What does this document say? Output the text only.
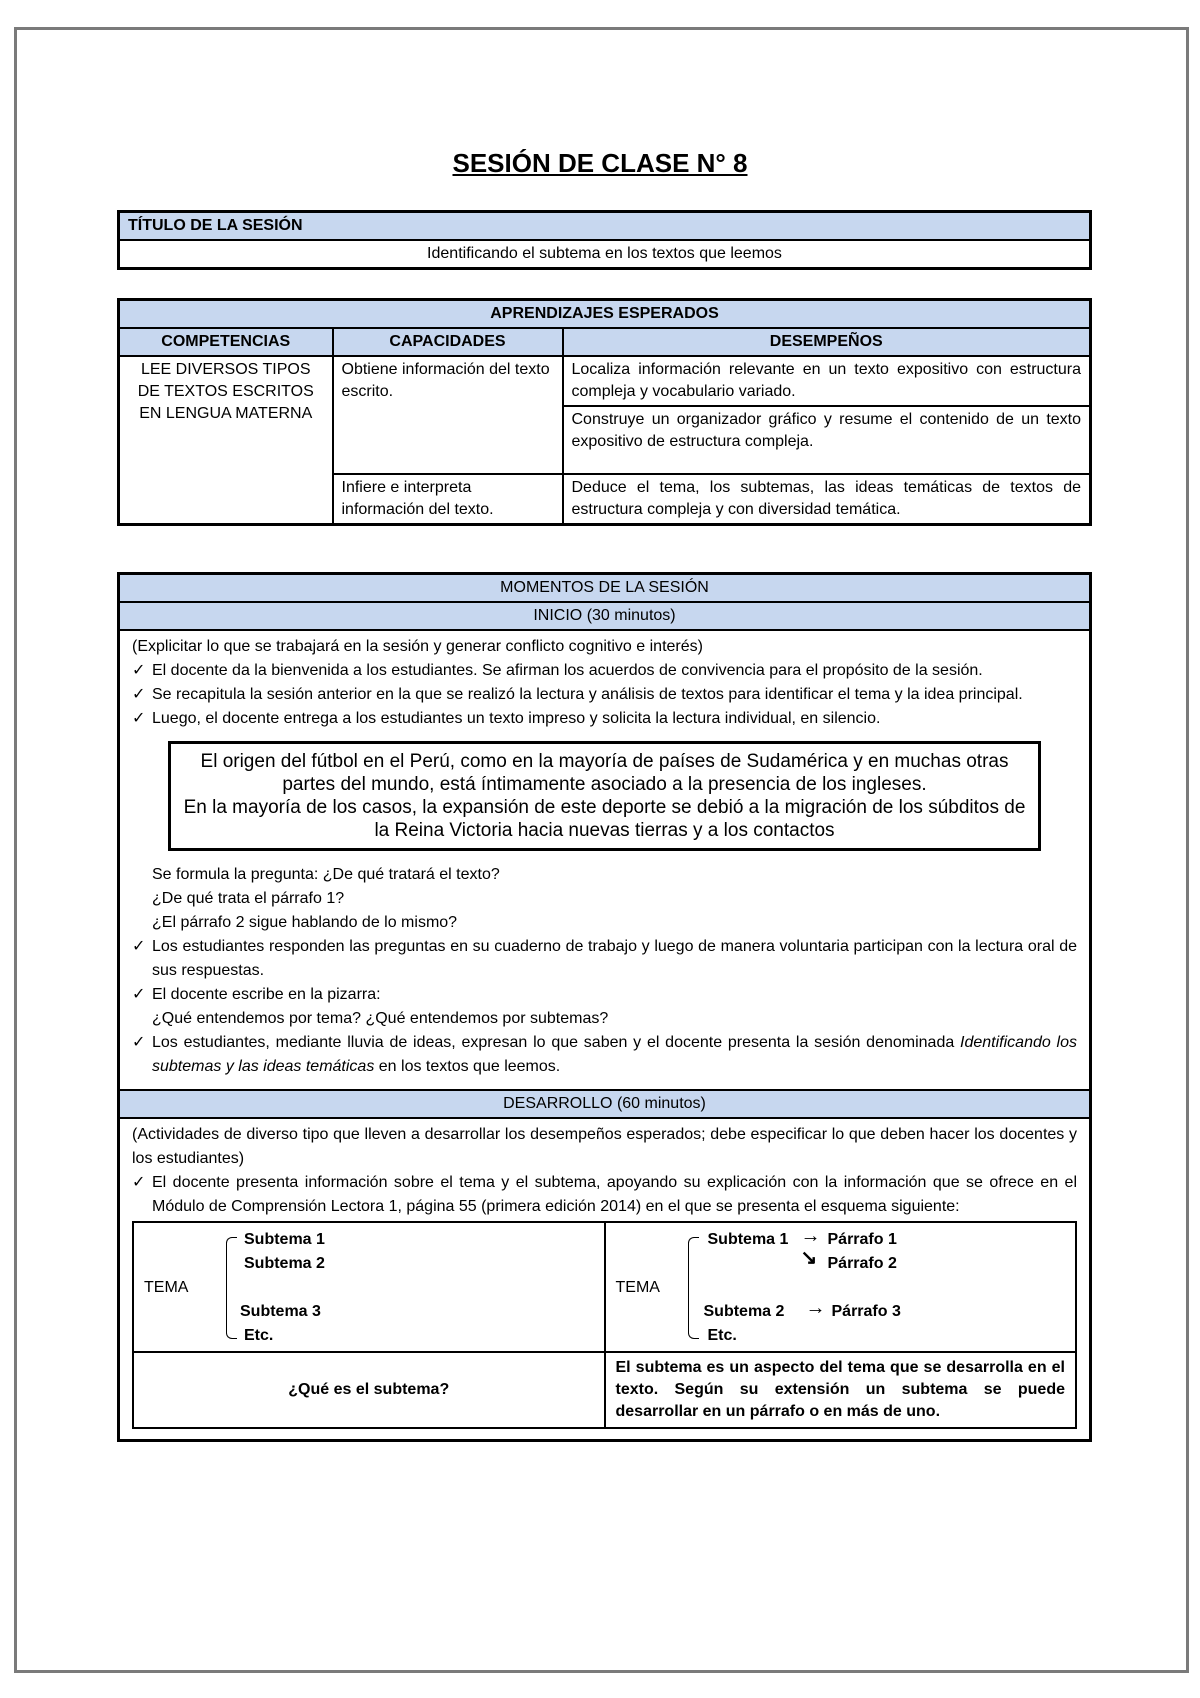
SESIÓN DE CLASE N° 8
TÍTULO DE LA SESIÓN
Identificando el subtema en los textos que leemos
APRENDIZAJES ESPERADOS		
COMPETENCIAS	CAPACIDADES	DESEMPEÑOS
LEE DIVERSOS TIPOS DE TEXTOS ESCRITOS EN LENGUA MATERNA	Obtiene información del texto escrito.	Localiza información relevante en un texto expositivo con estructura compleja y vocabulario variado.
		Construye un organizador gráfico y resume el contenido de un texto expositivo de estructura compleja.
	Infiere e interpreta información del texto.	Deduce el tema, los subtemas, las ideas temáticas de textos de estructura compleja y con diversidad temática.
MOMENTOS DE LA SESIÓN
INICIO (30 minutos)

(Explicitar lo que se trabajará en la sesión y generar conflicto cognitivo e interés)

✓ El docente da la bienvenida a los estudiantes. Se afirman los acuerdos de convivencia para el propósito de la sesión.

✓ Se recapitula la sesión anterior en la que se realizó la lectura y análisis de textos para identificar el tema y la idea principal.

✓ Luego, el docente entrega a los estudiantes un texto impreso y solicita la lectura individual, en silencio.

El origen del fútbol en el Perú, como en la mayoría de países de Sudamérica y en muchas otras partes del mundo, está íntimamente asociado a la presencia de los ingleses.

En la mayoría de los casos, la expansión de este deporte se debió a la migración de los súbditos de la Reina Victoria hacia nuevas tierras y a los contactos

Se formula la pregunta: ¿De qué tratará el texto?

¿De qué trata el párrafo 1?

¿El párrafo 2 sigue hablando de lo mismo?

✓ Los estudiantes responden las preguntas en su cuaderno de trabajo y luego de manera voluntaria participan con la lectura oral de sus respuestas.

✓ El docente escribe en la pizarra:

¿Qué entendemos por tema? ¿Qué entendemos por subtemas?

✓ Los estudiantes, mediante lluvia de ideas, expresan lo que saben y el docente presenta la sesión denominada Identificando los subtemas y las ideas temáticas en los textos que leemos.

DESARROLLO (60 minutos)

(Actividades de diverso tipo que lleven a desarrollar los desempeños esperados; debe especificar lo que deben hacer los docentes y los estudiantes)

✓ El docente presenta información sobre el tema y el subtema, apoyando su explicación con la información que se ofrece en el Módulo de Comprensión Lectora 1, página 55 (primera edición 2014) en el que se presenta el esquema siguiente:

TEMA
Subtema 1
Subtema 2
Subtema 3
Etc.

TEMA
Subtema 1 → Párrafo 1
↘ Párrafo 2
Subtema 2 → Párrafo 3
Etc.

¿Qué es el subtema?	El subtema es un aspecto del tema que se desarrolla en el texto. Según su extensión un subtema se puede desarrollar en un párrafo o en más de uno.
